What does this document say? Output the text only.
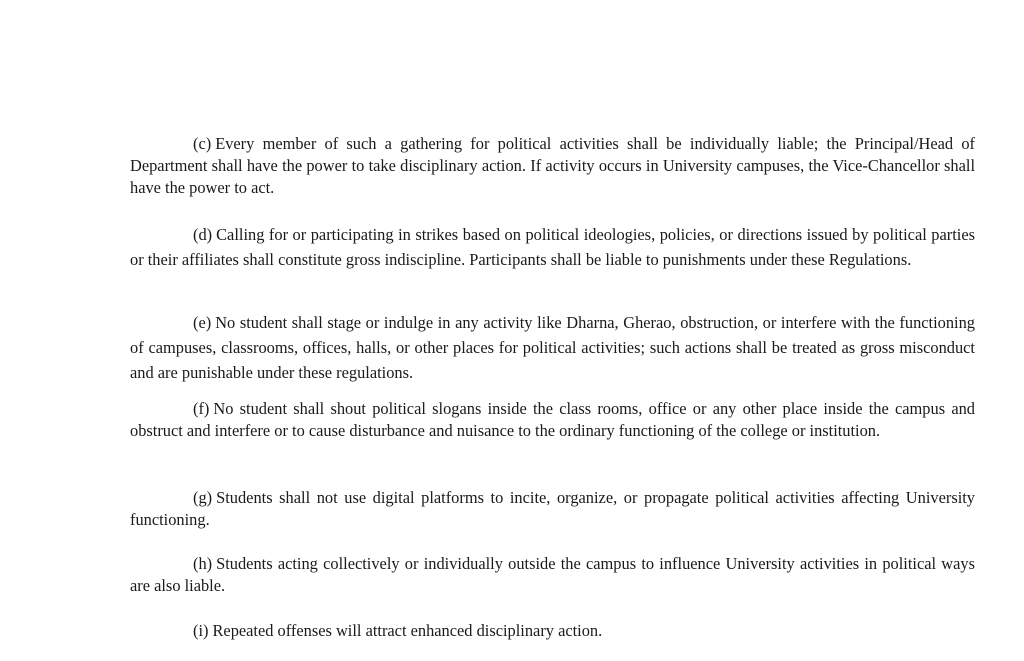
(c) Every member of such a gathering for political activities shall be individually liable; the Principal/Head of Department shall have the power to take disciplinary action. If activity occurs in University campuses, the Vice-Chancellor shall have the power to act.

(d) Calling for or participating in strikes based on political ideologies, policies, or directions issued by political parties or their affiliates shall constitute gross indiscipline. Participants shall be liable to punishments under these Regulations.

(e) No student shall stage or indulge in any activity like Dharna, Gherao, obstruction, or interfere with the functioning of campuses, classrooms, offices, halls, or other places for political activities; such actions shall be treated as gross misconduct and are punishable under these regulations.

(f) No student shall shout political slogans inside the class rooms, office or any other place inside the campus and obstruct and interfere or to cause disturbance and nuisance to the ordinary functioning of the college or institution.

(g) Students shall not use digital platforms to incite, organize, or propagate political activities affecting University functioning.

(h) Students acting collectively or individually outside the campus to influence University activities in political ways are also liable.

(i) Repeated offenses will attract enhanced disciplinary action.
